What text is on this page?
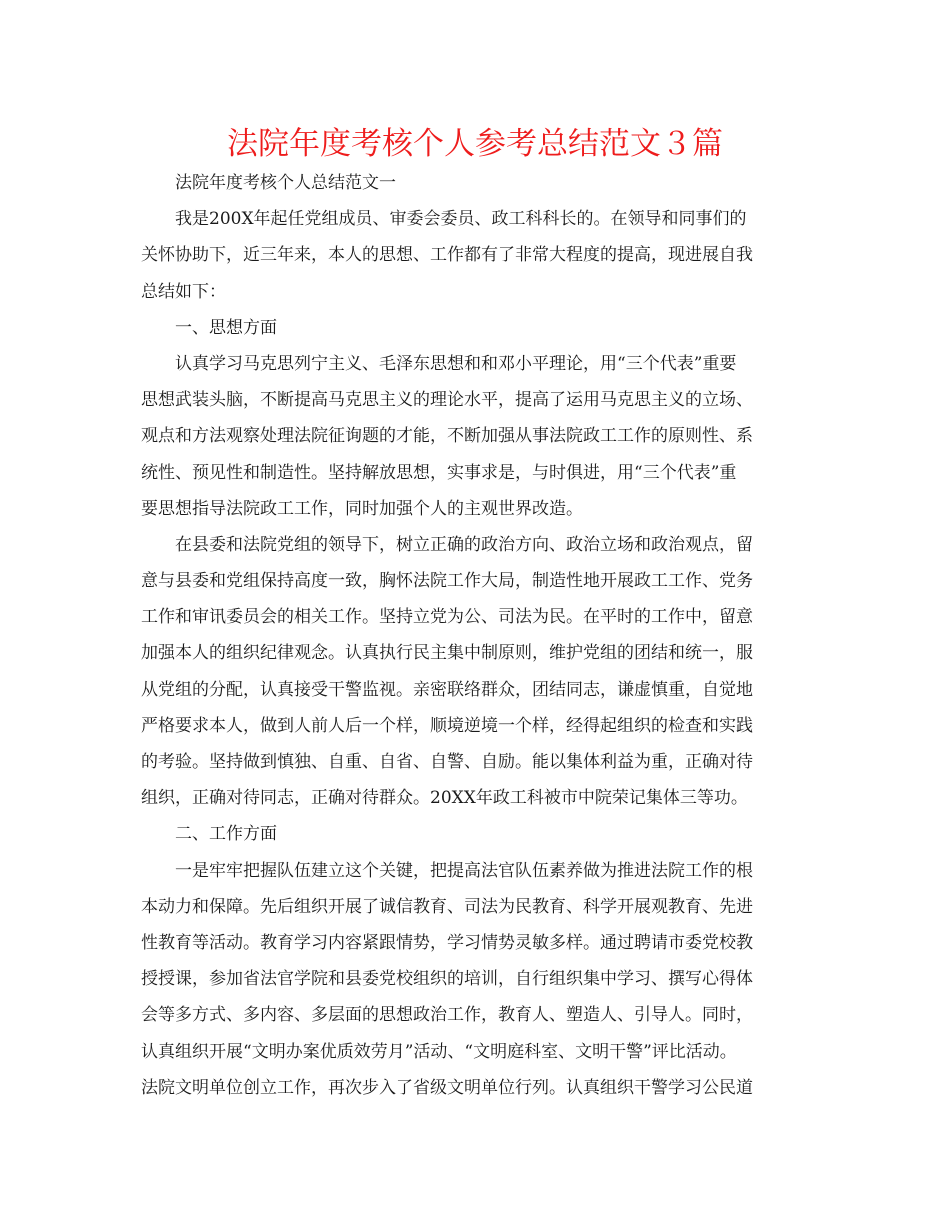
法院年度考核个人参考总结范文３篇
法院年度考核个人总结范文一
我是200X年起任党组成员、审委会委员、政工科科长的。在领导和同事们的
关怀协助下，近三年来，本人的思想、工作都有了非常大程度的提高，现进展自我
总结如下：
一、思想方面
认真学习马克思列宁主义、毛泽东思想和和邓小平理论，用“三个代表”重要
思想武装头脑，不断提高马克思主义的理论水平，提高了运用马克思主义的立场、
观点和方法观察处理法院征询题的才能，不断加强从事法院政工工作的原则性、系
统性、预见性和制造性。坚持解放思想，实事求是，与时俱进，用“三个代表”重
要思想指导法院政工工作，同时加强个人的主观世界改造。
在县委和法院党组的领导下，树立正确的政治方向、政治立场和政治观点，留
意与县委和党组保持高度一致，胸怀法院工作大局，制造性地开展政工工作、党务
工作和审讯委员会的相关工作。坚持立党为公、司法为民。在平时的工作中，留意
加强本人的组织纪律观念。认真执行民主集中制原则，维护党组的团结和统一，服
从党组的分配，认真接受干警监视。亲密联络群众，团结同志，谦虚慎重，自觉地
严格要求本人，做到人前人后一个样，顺境逆境一个样，经得起组织的检查和实践
的考验。坚持做到慎独、自重、自省、自警、自励。能以集体利益为重，正确对待
组织，正确对待同志，正确对待群众。20XX年政工科被市中院荣记集体三等功。
二、工作方面
一是牢牢把握队伍建立这个关键，把提高法官队伍素养做为推进法院工作的根
本动力和保障。先后组织开展了诚信教育、司法为民教育、科学开展观教育、先进
性教育等活动。教育学习内容紧跟情势，学习情势灵敏多样。通过聘请市委党校教
授授课，参加省法官学院和县委党校组织的培训，自行组织集中学习、撰写心得体
会等多方式、多内容、多层面的思想政治工作，教育人、塑造人、引导人。同时，
认真组织开展“文明办案优质效劳月”活动、“文明庭科室、文明干警”评比活动。
法院文明单位创立工作，再次步入了省级文明单位行列。认真组织干警学习公民道
